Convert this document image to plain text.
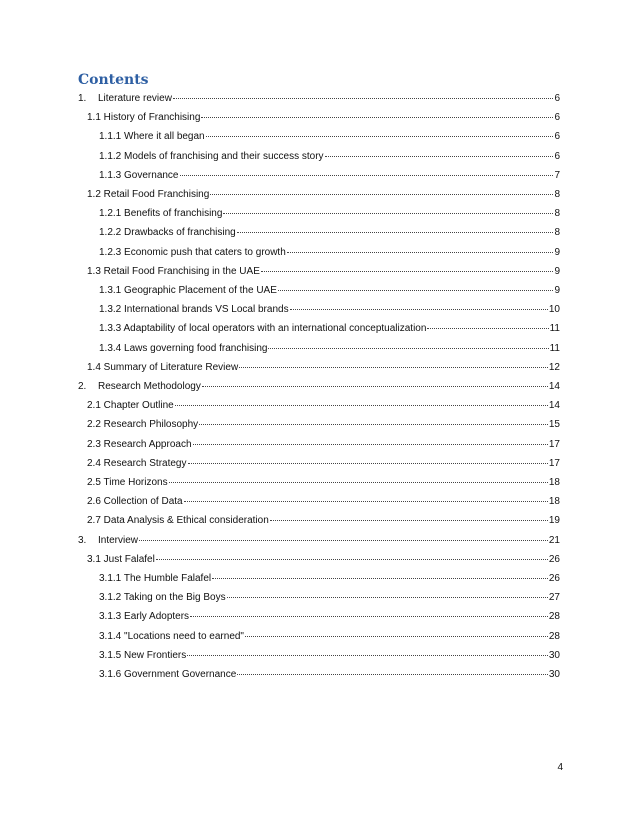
Contents
1.	Literature review	6
1.1 History of Franchising	6
1.1.1 Where it all began	6
1.1.2 Models of franchising and their success story	6
1.1.3 Governance	7
1.2 Retail Food Franchising	8
1.2.1 Benefits of franchising	8
1.2.2 Drawbacks of franchising	8
1.2.3 Economic push that caters to growth	9
1.3 Retail Food Franchising in the UAE	9
1.3.1 Geographic Placement of the UAE	9
1.3.2 International brands VS Local brands	10
1.3.3 Adaptability of local operators with an international conceptualization	11
1.3.4 Laws governing food franchising	11
1.4 Summary of Literature Review	12
2.	Research Methodology	14
2.1 Chapter Outline	14
2.2 Research Philosophy	15
2.3 Research Approach	17
2.4 Research Strategy	17
2.5 Time Horizons	18
2.6 Collection of Data	18
2.7 Data Analysis & Ethical consideration	19
3.	Interview	21
3.1 Just Falafel	26
3.1.1 The Humble Falafel	26
3.1.2 Taking on the Big Boys	27
3.1.3 Early Adopters	28
3.1.4 "Locations need to earned"	28
3.1.5 New Frontiers	30
3.1.6 Government Governance	30
4
